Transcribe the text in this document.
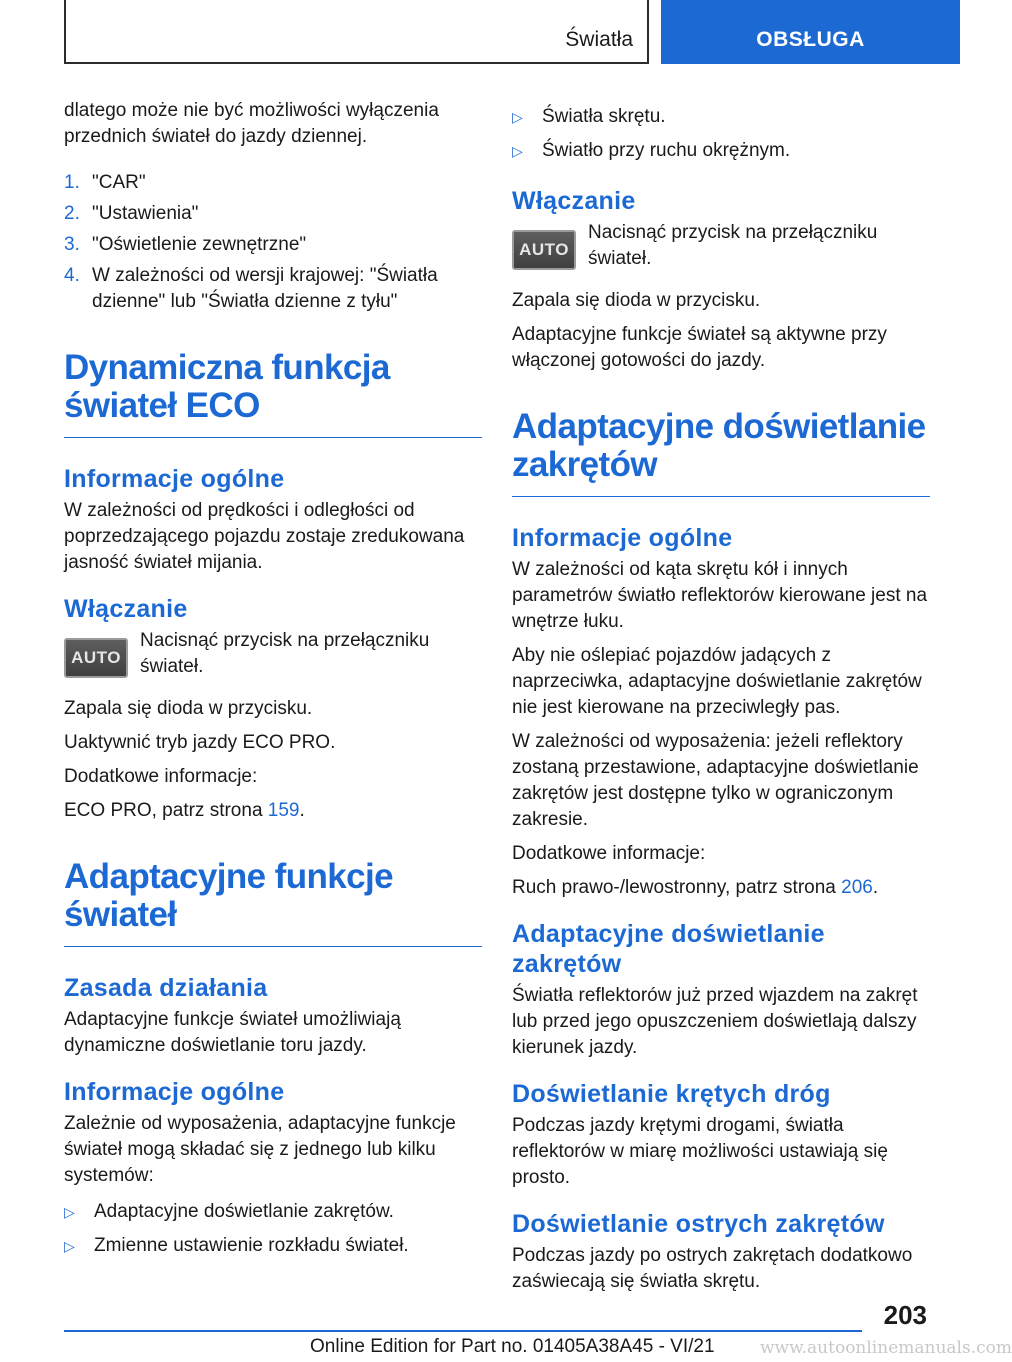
Światła	OBSŁUGA

dlatego może nie być możliwości wyłączenia przednich świateł do jazdy dziennej.

1. "CAR"
2. "Ustawienia"
3. "Oświetlenie zewnętrzne"
4. W zależności od wersji krajowej: "Światła dzienne" lub "Światła dzienne z tyłu"
Dynamiczna funkcja świateł ECO
Informacje ogólne

W zależności od prędkości i odległości od poprzedzającego pojazdu zostaje zredukowana jasność świateł mijania.

Włączanie
AUTO
Nacisnąć przycisk na przełączniku świateł.

Zapala się dioda w przycisku.

Uaktywnić tryb jazdy ECO PRO.

Dodatkowe informacje:

ECO PRO, patrz strona 159.

Adaptacyjne funkcje świateł
Zasada działania

Adaptacyjne funkcje świateł umożliwiają dynamiczne doświetlanie toru jazdy.

Informacje ogólne

Zależnie od wyposażenia, adaptacyjne funkcje świateł mogą składać się z jednego lub kilku systemów:

▷ Adaptacyjne doświetlanie zakrętów.
▷ Zmienne ustawienie rozkładu świateł.
▷ Światła skrętu.
▷ Światło przy ruchu okrężnym.
Włączanie
AUTO
Nacisnąć przycisk na przełączniku świateł.

Zapala się dioda w przycisku.

Adaptacyjne funkcje świateł są aktywne przy włączonej gotowości do jazdy.

Adaptacyjne doświetlanie zakrętów
Informacje ogólne

W zależności od kąta skrętu kół i innych parametrów światło reflektorów kierowane jest na wnętrze łuku.

Aby nie oślepiać pojazdów jadących z naprzeciwka, adaptacyjne doświetlanie zakrętów nie jest kierowane na przeciwległy pas.

W zależności od wyposażenia: jeżeli reflektory zostaną przestawione, adaptacyjne doświetlanie zakrętów jest dostępne tylko w ograniczonym zakresie.

Dodatkowe informacje:

Ruch prawo-/lewostronny, patrz strona 206.

Adaptacyjne doświetlanie zakrętów

Światła reflektorów już przed wjazdem na zakręt lub przed jego opuszczeniem doświetlają dalszy kierunek jazdy.

Doświetlanie krętych dróg

Podczas jazdy krętymi drogami, światła reflektorów w miarę możliwości ustawiają się prosto.

Doświetlanie ostrych zakrętów

Podczas jazdy po ostrych zakrętach dodatkowo zaświecają się światła skrętu.

203
Online Edition for Part no. 01405A38A45 - VI/21	www.autoonlinemanuals.com
